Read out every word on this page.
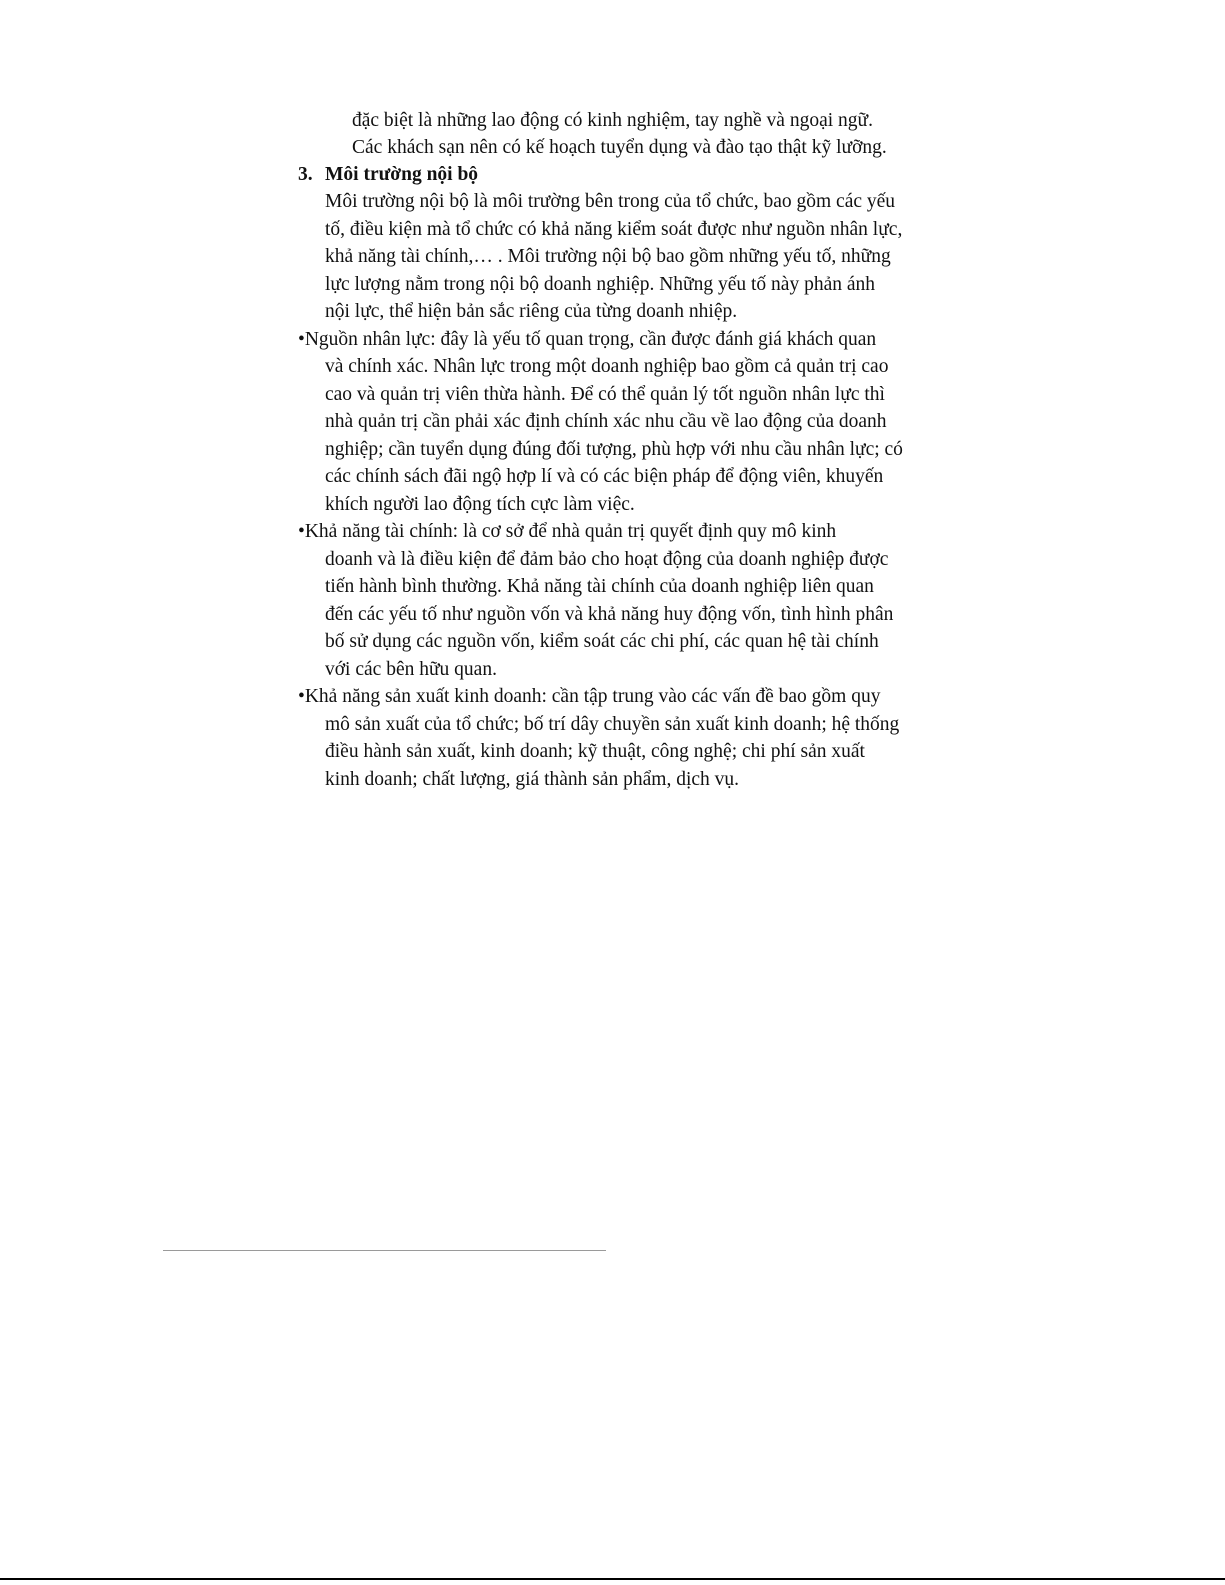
đặc biệt là những lao động có kinh nghiệm, tay nghề và ngoại ngữ.
Các khách sạn nên có kế hoạch tuyển dụng và đào tạo thật kỹ lưỡng.
3. Môi trường nội bộ
Môi trường nội bộ là môi trường bên trong của tổ chức, bao gồm các yếu
tố, điều kiện mà tổ chức có khả năng kiểm soát được như nguồn nhân lực,
khả năng tài chính,… . Môi trường nội bộ bao gồm những yếu tố, những
lực lượng nằm trong nội bộ doanh nghiệp. Những yếu tố này phản ánh
nội lực, thể hiện bản sắc riêng của từng doanh nhiệp.
•Nguồn nhân lực: đây là yếu tố quan trọng, cần được đánh giá khách quan
và chính xác. Nhân lực trong một doanh nghiệp bao gồm cả quản trị cao
cao và quản trị viên thừa hành. Để có thể quản lý tốt nguồn nhân lực thì
nhà quản trị cần phải xác định chính xác nhu cầu về lao động của doanh
nghiệp; cần tuyển dụng đúng đối tượng, phù hợp với nhu cầu nhân lực; có
các chính sách đãi ngộ hợp lí và có các biện pháp để động viên, khuyến
khích người lao động tích cực làm việc.
•Khả năng tài chính: là cơ sở để nhà quản trị quyết định quy mô kinh
doanh và là điều kiện để đảm bảo cho hoạt động của doanh nghiệp được
tiến hành bình thường. Khả năng tài chính của doanh nghiệp liên quan
đến các yếu tố như nguồn vốn và khả năng huy động vốn, tình hình phân
bố sử dụng các nguồn vốn, kiểm soát các chi phí, các quan hệ tài chính
với các bên hữu quan.
•Khả năng sản xuất kinh doanh: cần tập trung vào các vấn đề bao gồm quy
mô sản xuất của tổ chức; bố trí dây chuyền sản xuất kinh doanh; hệ thống
điều hành sản xuất, kinh doanh; kỹ thuật, công nghệ; chi phí sản xuất
kinh doanh; chất lượng, giá thành sản phẩm, dịch vụ.
